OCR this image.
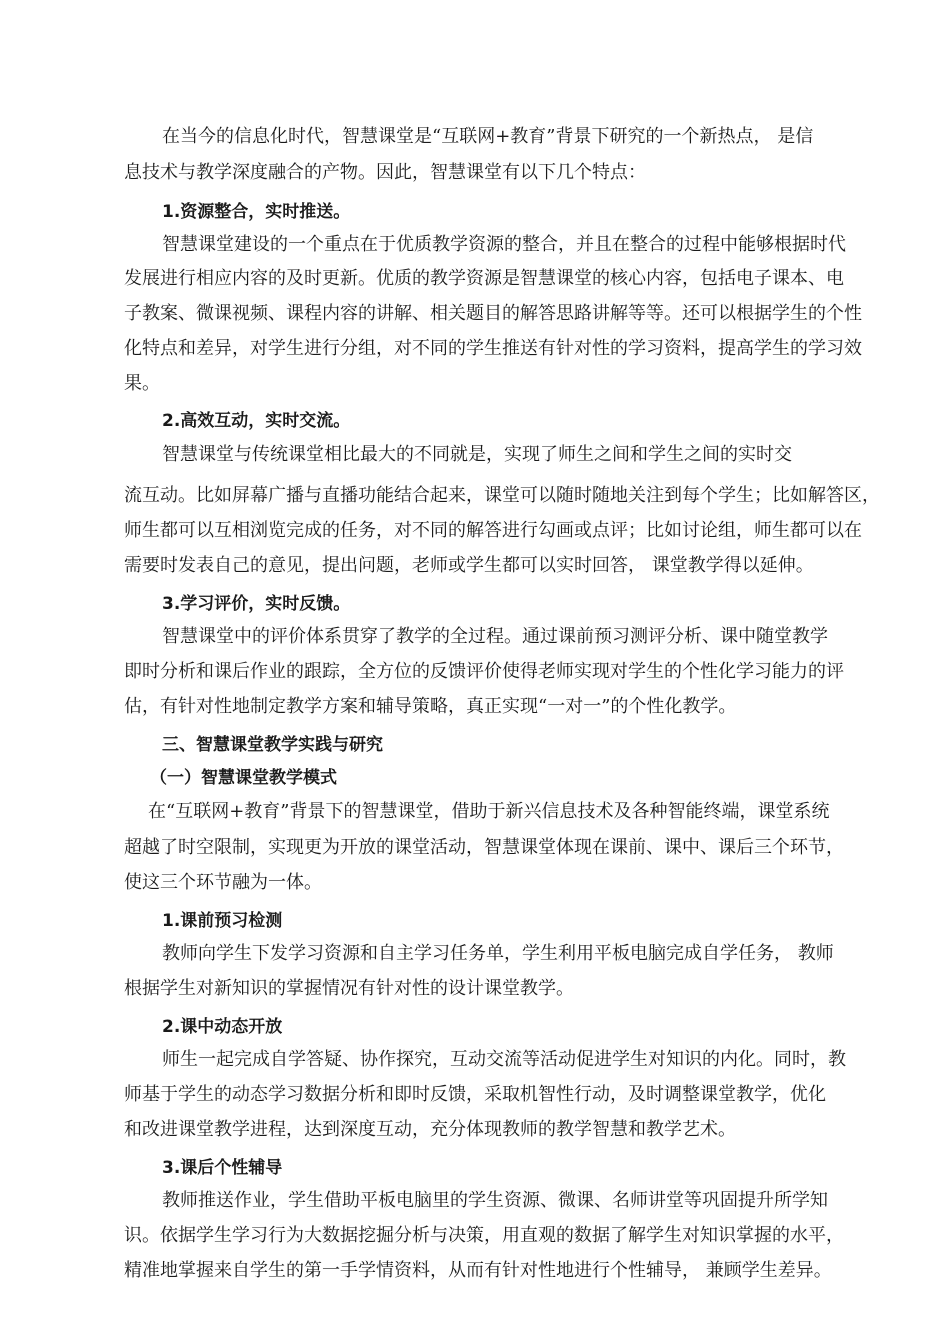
在当今的信息化时代，智慧课堂是“互联网+教育”背景下研究的一个新热点， 是信
息技术与教学深度融合的产物。因此，智慧课堂有以下几个特点：
1.资源整合，实时推送。
智慧课堂建设的一个重点在于优质教学资源的整合，并且在整合的过程中能够根据时代
发展进行相应内容的及时更新。优质的教学资源是智慧课堂的核心内容，包括电子课本、电
子教案、微课视频、课程内容的讲解、相关题目的解答思路讲解等等。还可以根据学生的个性
化特点和差异，对学生进行分组，对不同的学生推送有针对性的学习资料，提高学生的学习效
果。
2.高效互动，实时交流。
智慧课堂与传统课堂相比最大的不同就是，实现了师生之间和学生之间的实时交
流互动。比如屏幕广播与直播功能结合起来，课堂可以随时随地关注到每个学生；比如解答区，
师生都可以互相浏览完成的任务，对不同的解答进行勾画或点评；比如讨论组，师生都可以在
需要时发表自己的意见，提出问题，老师或学生都可以实时回答， 课堂教学得以延伸。
3.学习评价，实时反馈。
智慧课堂中的评价体系贯穿了教学的全过程。通过课前预习测评分析、课中随堂教学
即时分析和课后作业的跟踪，全方位的反馈评价使得老师实现对学生的个性化学习能力的评
估，有针对性地制定教学方案和辅导策略，真正实现“一对一”的个性化教学。
三、智慧课堂教学实践与研究
（一）智慧课堂教学模式
在“互联网+教育”背景下的智慧课堂，借助于新兴信息技术及各种智能终端，课堂系统
超越了时空限制，实现更为开放的课堂活动，智慧课堂体现在课前、课中、课后三个环节，
使这三个环节融为一体。
1.课前预习检测
教师向学生下发学习资源和自主学习任务单，学生利用平板电脑完成自学任务， 教师
根据学生对新知识的掌握情况有针对性的设计课堂教学。
2.课中动态开放
师生一起完成自学答疑、协作探究，互动交流等活动促进学生对知识的内化。同时，教
师基于学生的动态学习数据分析和即时反馈，采取机智性行动，及时调整课堂教学，优化
和改进课堂教学进程，达到深度互动，充分体现教师的教学智慧和教学艺术。
3.课后个性辅导
教师推送作业，学生借助平板电脑里的学生资源、微课、名师讲堂等巩固提升所学知
识。依据学生学习行为大数据挖掘分析与决策，用直观的数据了解学生对知识掌握的水平，
精准地掌握来自学生的第一手学情资料，从而有针对性地进行个性辅导， 兼顾学生差异。
